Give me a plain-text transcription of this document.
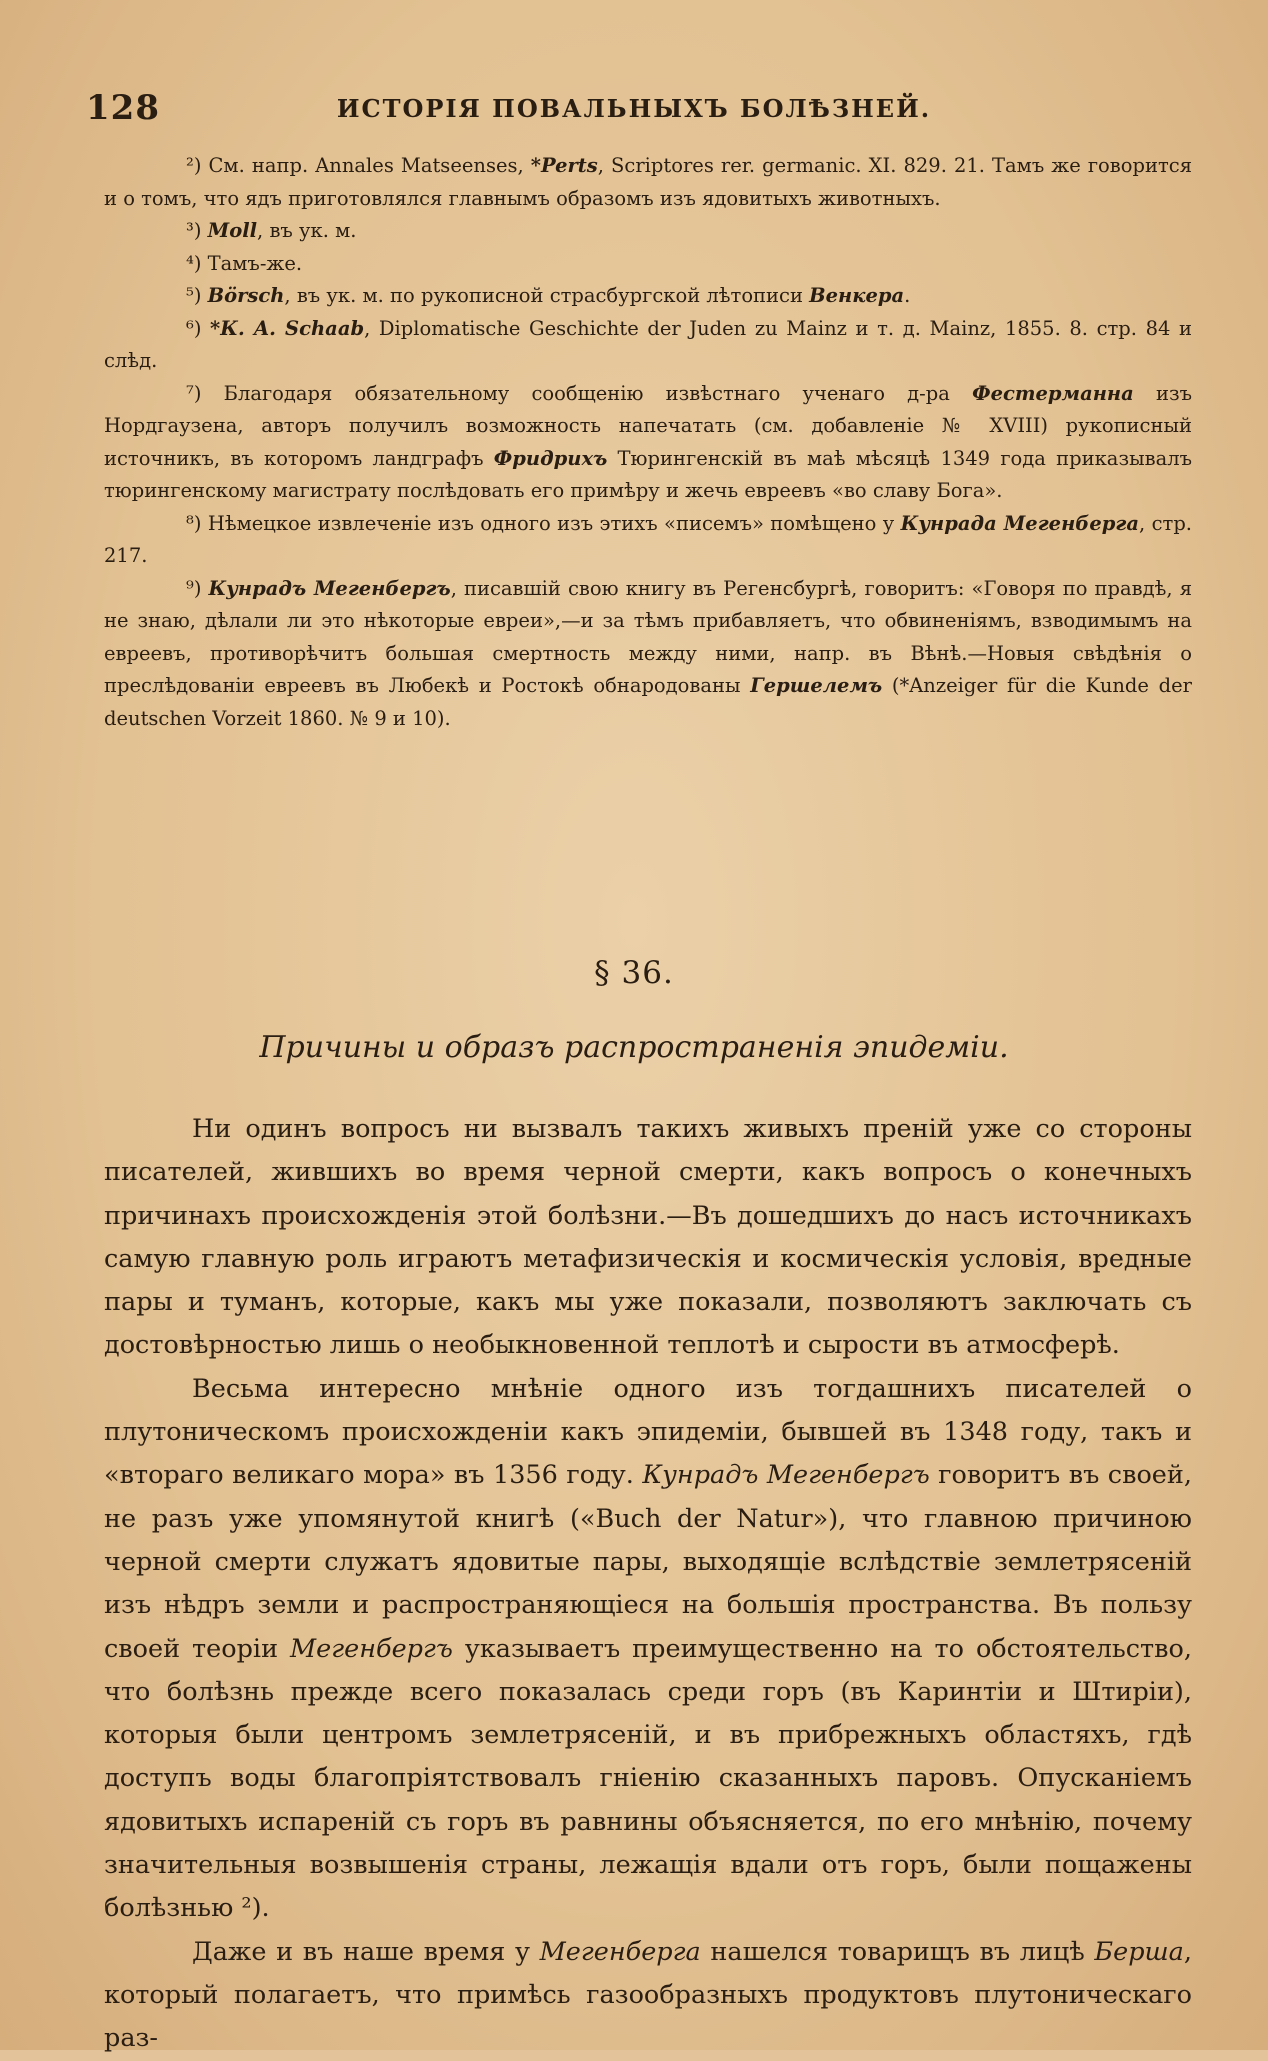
128	ИСТОРІЯ ПОВАЛЬНЫХЪ БОЛѢЗНЕЙ.

²) См. напр. Annales Matseenses, *Perts, Scriptores rer. germanic. XI. 829. 21. Тамъ же говорится и о томъ, что ядъ приготовлялся главнымъ образомъ изъ ядовитыхъ животныхъ.

³) Moll, въ ук. м.

⁴) Тамъ-же.

⁵) Börsch, въ ук. м. по рукописной страсбургской лѣтописи Венкера.

⁶) *К. A. Schaab, Diplomatische Geschichte der Juden zu Mainz и т. д. Mainz, 1855. 8. стр. 84 и слѣд.

⁷) Благодаря обязательному сообщенію извѣстнаго ученаго д-ра Фестерманна изъ Нордгаузена, авторъ получилъ возможность напечатать (см. добавленіе № XVIII) рукописный источникъ, въ которомъ ландграфъ Фридрихъ Тюрингенскій въ маѣ мѣсяцѣ 1349 года приказывалъ тюрингенскому магистрату послѣдовать его примѣру и жечь евреевъ «во славу Бога».

⁸) Нѣмецкое извлеченіе изъ одного изъ этихъ «писемъ» помѣщено у Кунрада Мегенберга, стр. 217.

⁹) Кунрадъ Мегенбергъ, писавшій свою книгу въ Регенсбургѣ, говоритъ: «Говоря по правдѣ, я не знаю, дѣлали ли это нѣкоторые евреи»,—и за тѣмъ прибавляетъ, что обвиненіямъ, взводимымъ на евреевъ, противорѣчитъ большая смертность между ними, напр. въ Вѣнѣ.—Новыя свѣдѣнія о преслѣдованіи евреевъ въ Любекѣ и Ростокѣ обнародованы Гершелемъ (*Anzeiger für die Kunde der deutschen Vorzeit 1860. № 9 и 10).

§ 36.
Причины и образъ распространенія эпидеміи.

Ни одинъ вопросъ ни вызвалъ такихъ живыхъ преній уже со стороны писателей, жившихъ во время черной смерти, какъ вопросъ о конечныхъ причинахъ происхожденія этой болѣзни.—Въ дошедшихъ до насъ источникахъ самую главную роль играютъ метафизическія и космическія условія, вредные пары и туманъ, которые, какъ мы уже показали, позволяютъ заключать съ достовѣрностью лишь о необыкновенной теплотѣ и сырости въ атмосферѣ.

Весьма интересно мнѣніе одного изъ тогдашнихъ писателей о плутоническомъ происхожденіи какъ эпидеміи, бывшей въ 1348 году, такъ и «втораго великаго мора» въ 1356 году. Кунрадъ Мегенбергъ говоритъ въ своей, не разъ уже упомянутой книгѣ («Buch der Natur»), что главною причиною черной смерти служатъ ядовитые пары, выходящіе вслѣдствіе землетрясеній изъ нѣдръ земли и распространяющіеся на большія пространства. Въ пользу своей теоріи Мегенбергъ указываетъ преимущественно на то обстоятельство, что болѣзнь прежде всего показалась среди горъ (въ Каринтіи и Штиріи), которыя были центромъ землетрясеній, и въ прибрежныхъ областяхъ, гдѣ доступъ воды благопріятствовалъ гніенію сказанныхъ паровъ. Опусканіемъ ядовитыхъ испареній съ горъ въ равнины объясняется, по его мнѣнію, почему значительныя возвышенія страны, лежащія вдали отъ горъ, были пощажены болѣзнью ²).

Даже и въ наше время у Мегенберга нашелся товарищъ въ лицѣ Берша, который полагаетъ, что примѣсь газообразныхъ продуктовъ плутоническаго раз-
